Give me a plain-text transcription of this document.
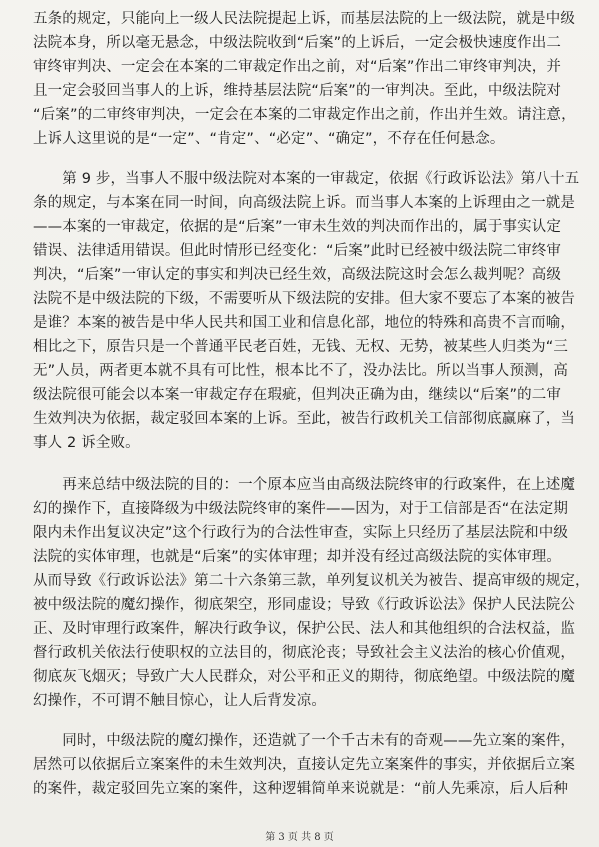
五条的规定，只能向上一级人民法院提起上诉，而基层法院的上一级法院，就是中级
法院本身，所以毫无悬念，中级法院收到“后案”的上诉后，一定会极快速度作出二
审终审判决、一定会在本案的二审裁定作出之前，对“后案”作出二审终审判决，并
且一定会驳回当事人的上诉，维持基层法院“后案”的一审判决。至此，中级法院对
“后案”的二审终审判决，一定会在本案的二审裁定作出之前，作出并生效。请注意，
上诉人这里说的是“一定”、“肯定”、“必定”、“确定”，不存在任何悬念。
　　第 9 步，当事人不服中级法院对本案的一审裁定，依据《行政诉讼法》第八十五
条的规定，与本案在同一时间，向高级法院上诉。而当事人本案的上诉理由之一就是
——本案的一审裁定，依据的是“后案”一审未生效的判决而作出的，属于事实认定
错误、法律适用错误。但此时情形已经变化：“后案”此时已经被中级法院二审终审
判决，“后案”一审认定的事实和判决已经生效，高级法院这时会怎么裁判呢？高级
法院不是中级法院的下级，不需要听从下级法院的安排。但大家不要忘了本案的被告
是谁？本案的被告是中华人民共和国工业和信息化部，地位的特殊和高贵不言而喻，
相比之下，原告只是一个普通平民老百姓，无钱、无权、无势，被某些人归类为“三
无”人员，两者更本就不具有可比性，根本比不了，没办法比。所以当事人预测，高
级法院很可能会以本案一审裁定存在瑕疵，但判决正确为由，继续以“后案”的二审
生效判决为依据，裁定驳回本案的上诉。至此，被告行政机关工信部彻底赢麻了，当
事人 2 诉全败。
　　再来总结中级法院的目的：一个原本应当由高级法院终审的行政案件，在上述魔
幻的操作下，直接降级为中级法院终审的案件——因为，对于工信部是否“在法定期
限内未作出复议决定”这个行政行为的合法性审查，实际上只经历了基层法院和中级
法院的实体审理，也就是“后案”的实体审理；却并没有经过高级法院的实体审理。
从而导致《行政诉讼法》第二十六条第三款，单列复议机关为被告、提高审级的规定，
被中级法院的魔幻操作，彻底架空，形同虚设；导致《行政诉讼法》保护人民法院公
正、及时审理行政案件，解决行政争议，保护公民、法人和其他组织的合法权益，监
督行政机关依法行使职权的立法目的，彻底沦丧；导致社会主义法治的核心价值观，
彻底灰飞烟灭；导致广大人民群众，对公平和正义的期待，彻底绝望。中级法院的魔
幻操作，不可谓不触目惊心，让人后背发凉。
　　同时，中级法院的魔幻操作，还造就了一个千古未有的奇观——先立案的案件，
居然可以依据后立案案件的未生效判决，直接认定先立案案件的事实，并依据后立案
的案件，裁定驳回先立案的案件，这种逻辑简单来说就是：“前人先乘凉，后人后种
第 3 页 共 8 页
